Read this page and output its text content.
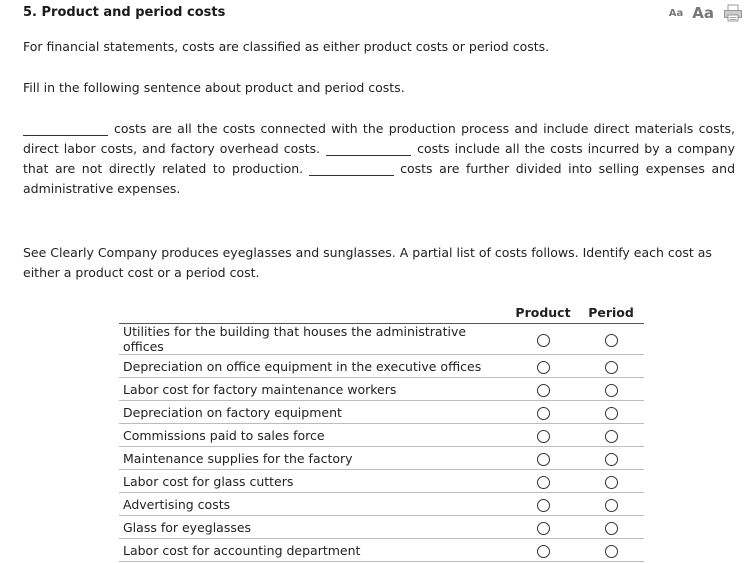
5. Product and period costs	Aa Aa
For financial statements, costs are classified as either product costs or period costs.
Fill in the following sentence about product and period costs.
costs are all the costs connected with the production process and include direct materials costs, direct labor costs, and factory overhead costs.	costs include all the costs incurred by a company that are not directly related to production.	costs are further divided into selling expenses and administrative expenses.
See Clearly Company produces eyeglasses and sunglasses. A partial list of costs follows. Identify each cost as either a product cost or a period cost.
	Product	Period
Utilities for the building that houses the administrative offices		
Depreciation on office equipment in the executive offices		
Labor cost for factory maintenance workers		
Depreciation on factory equipment		
Commissions paid to sales force		
Maintenance supplies for the factory		
Labor cost for glass cutters		
Advertising costs		
Glass for eyeglasses		
Labor cost for accounting department		
